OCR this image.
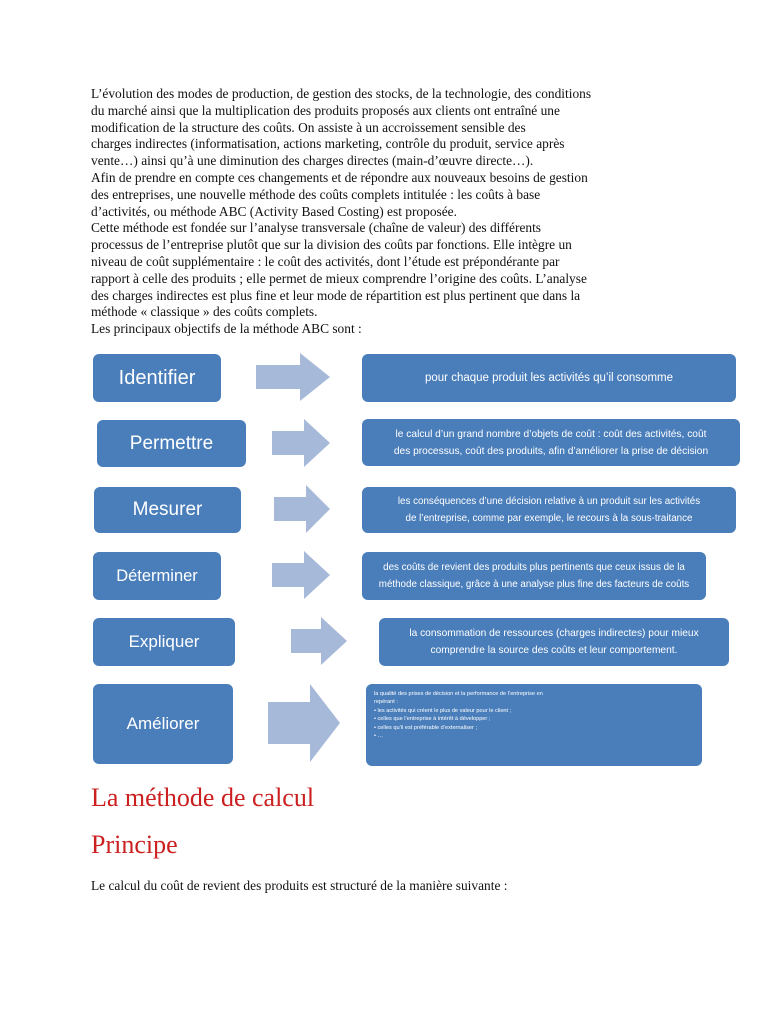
L’évolution des modes de production, de gestion des stocks, de la technologie, des conditions

du marché ainsi que la multiplication des produits proposés aux clients ont entraîné une

modification de la structure des coûts. On assiste à un accroissement sensible des

charges indirectes (informatisation, actions marketing, contrôle du produit, service après

vente…) ainsi qu’à une diminution des charges directes (main-d’œuvre directe…).

Afin de prendre en compte ces changements et de répondre aux nouveaux besoins de gestion

des entreprises, une nouvelle méthode des coûts complets intitulée : les coûts à base

d’activités, ou méthode ABC (Activity Based Costing) est proposée.

Cette méthode est fondée sur l’analyse transversale (chaîne de valeur) des différents

processus de l’entreprise plutôt que sur la division des coûts par fonctions. Elle intègre un

niveau de coût supplémentaire : le coût des activités, dont l’étude est prépondérante par

rapport à celle des produits ; elle permet de mieux comprendre l’origine des coûts. L’analyse

des charges indirectes est plus fine et leur mode de répartition est plus pertinent que dans la

méthode « classique » des coûts complets.

Les principaux objectifs de la méthode ABC sont :

Identifier	pour chaque produit les activités qu’il consomme
Permettre	le calcul d’un grand nombre d’objets de coût : coût des activités, coût
des processus, coût des produits, afin d’améliorer la prise de décision
Mesurer	les conséquences d’une décision relative à un produit sur les activités
de l’entreprise, comme par exemple, le recours à la sous-traitance
Déterminer	des coûts de revient des produits plus pertinents que ceux issus de la
méthode classique, grâce à une analyse plus fine des facteurs de coûts
Expliquer	la consommation de ressources (charges indirectes) pour mieux
comprendre la source des coûts et leur comportement.
Améliorer
la qualité des prises de décision et la performance de l’entreprise en
repérant :
• les activités qui créent le plus de valeur pour le client ;
• celles que l’entreprise à intérêt à développer ;
• celles qu’il est préférable d’externaliser ;
• …
La méthode de calcul
Principe

Le calcul du coût de revient des produits est structuré de la manière suivante :
